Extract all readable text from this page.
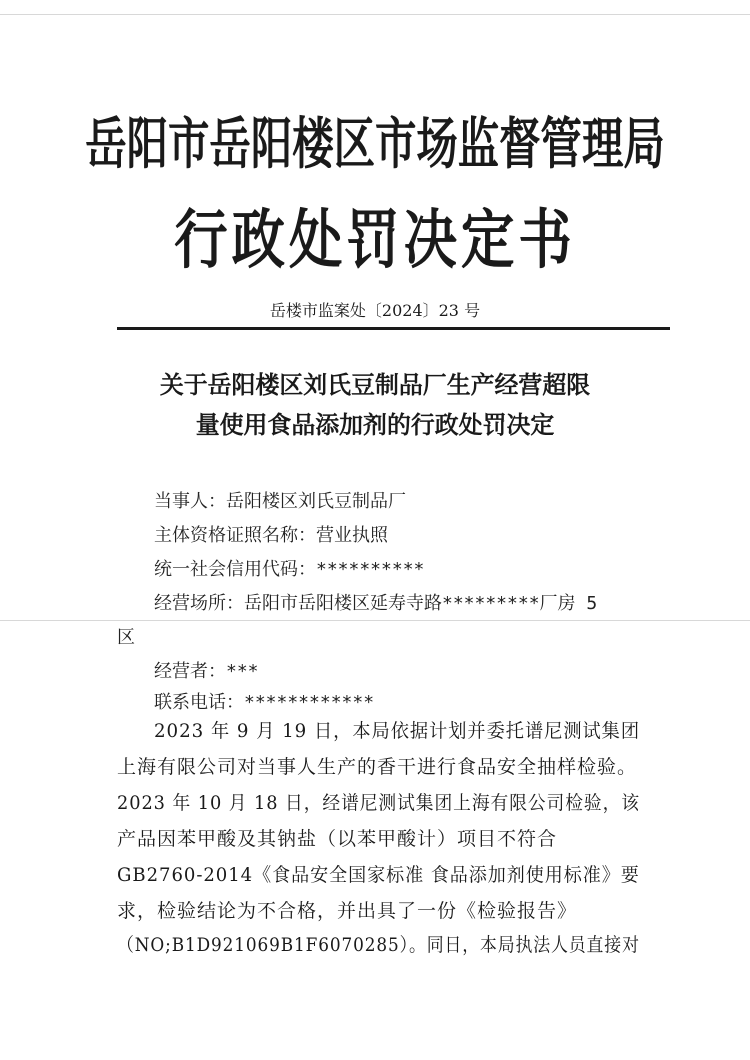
岳阳市岳阳楼区市场监督管理局
行政处罚决定书
岳楼市监案处〔2024〕23 号
关于岳阳楼区刘氏豆制品厂生产经营超限
量使用食品添加剂的行政处罚决定
当事人：岳阳楼区刘氏豆制品厂
主体资格证照名称：营业执照
统一社会信用代码：**********
经营场所：岳阳市岳阳楼区延寿寺路*********厂房 5
区
经营者：***
联系电话：************
2023 年 9 月 19 日，本局依据计划并委托谱尼测试集团
上海有限公司对当事人生产的香干进行食品安全抽样检验。
2023 年 10 月 18 日，经谱尼测试集团上海有限公司检验，该
产品因苯甲酸及其钠盐（以苯甲酸计）项目不符合
GB2760-2014《食品安全国家标准 食品添加剂使用标准》要
求，检验结论为不合格，并出具了一份《检验报告》
（NO;B1D921069B1F6070285）。同日，本局执法人员直接对
